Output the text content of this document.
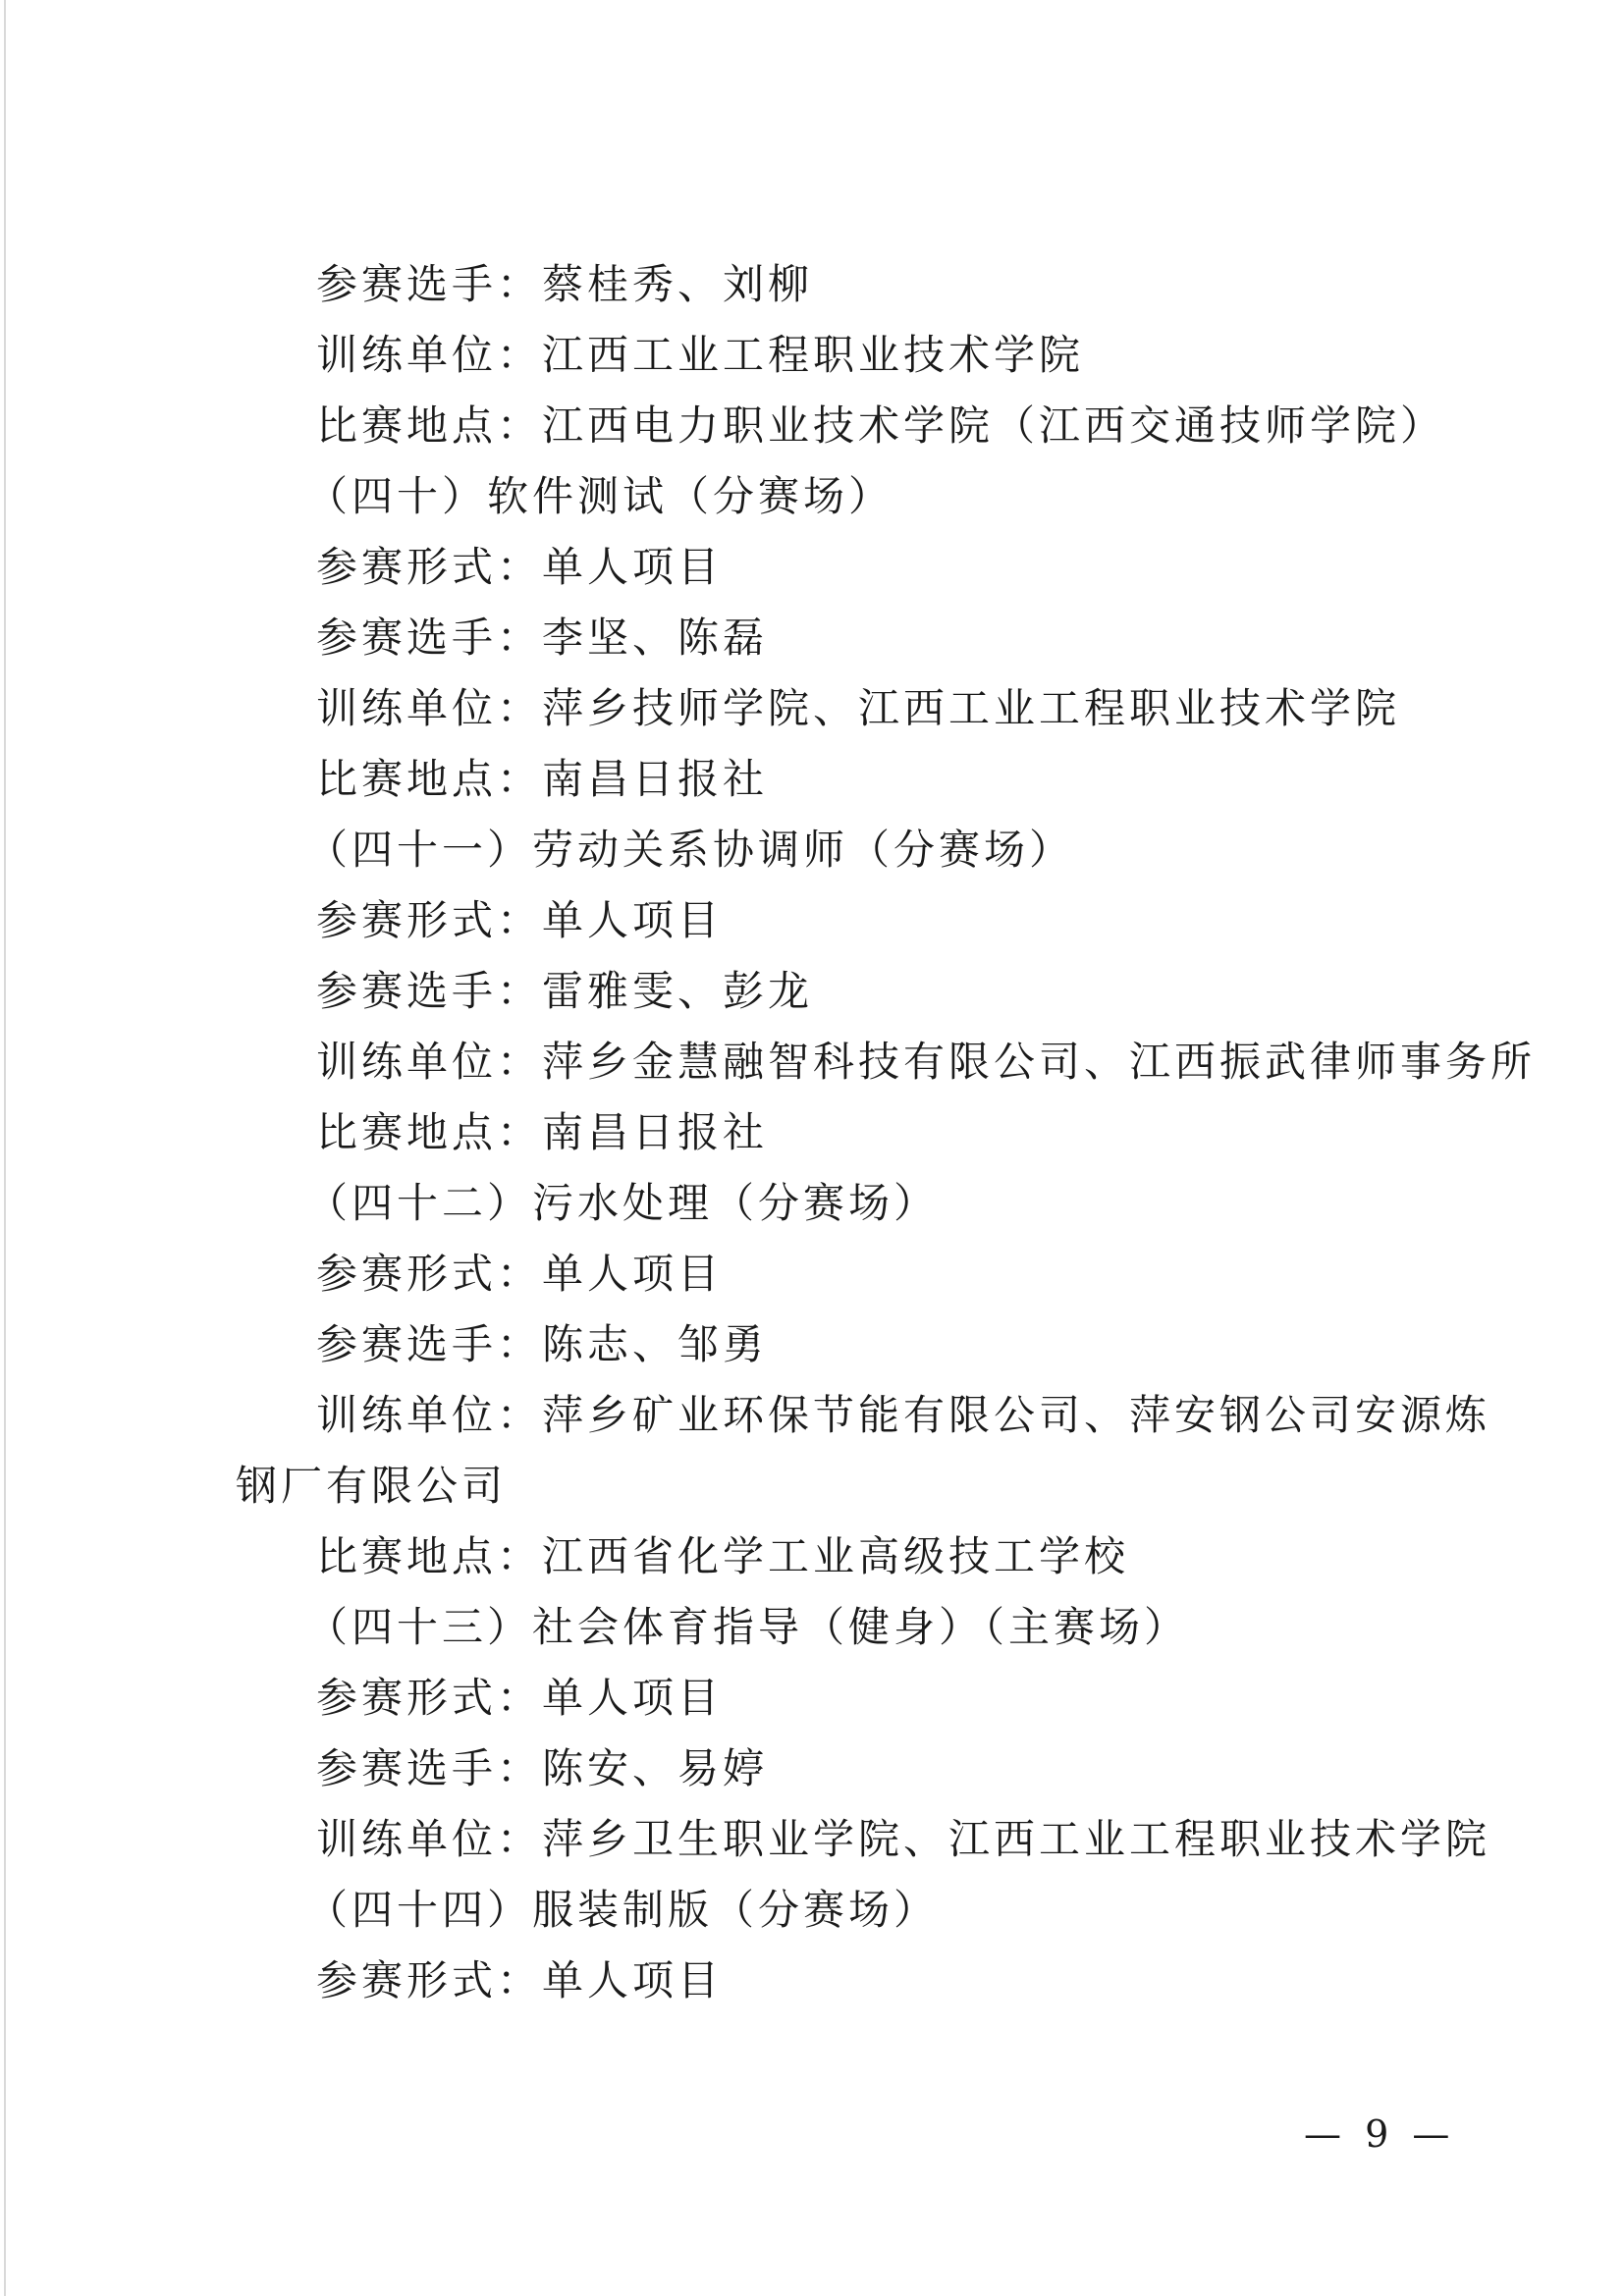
参赛选手：蔡桂秀、刘柳
训练单位：江西工业工程职业技术学院
比赛地点：江西电力职业技术学院（江西交通技师学院）
（四十）软件测试（分赛场）
参赛形式：单人项目
参赛选手：李坚、陈磊
训练单位：萍乡技师学院、江西工业工程职业技术学院
比赛地点：南昌日报社
（四十一）劳动关系协调师（分赛场）
参赛形式：单人项目
参赛选手：雷雅雯、彭龙
训练单位：萍乡金慧融智科技有限公司、江西振武律师事务所
比赛地点：南昌日报社
（四十二）污水处理（分赛场）
参赛形式：单人项目
参赛选手：陈志、邹勇
训练单位：萍乡矿业环保节能有限公司、萍安钢公司安源炼
钢厂有限公司
比赛地点：江西省化学工业高级技工学校
（四十三）社会体育指导（健身）（主赛场）
参赛形式：单人项目
参赛选手：陈安、易婷
训练单位：萍乡卫生职业学院、江西工业工程职业技术学院
（四十四）服装制版（分赛场）
参赛形式：单人项目
— 9 —
